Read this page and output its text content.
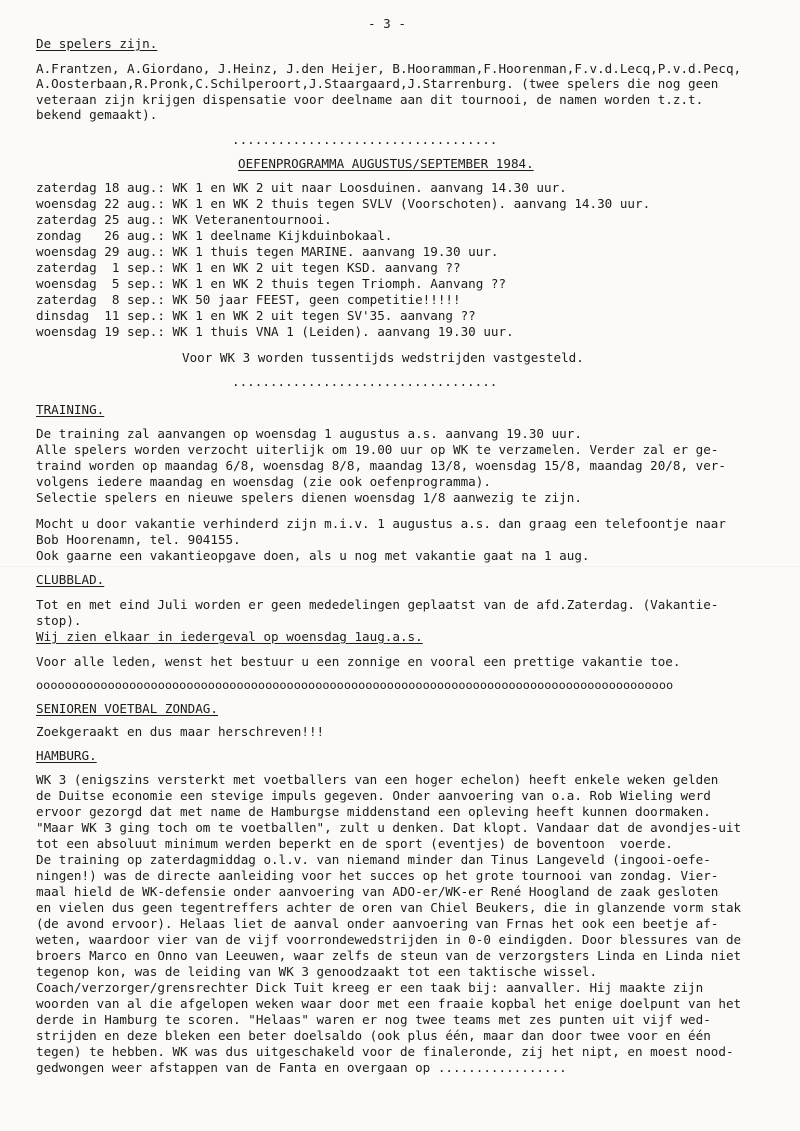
- 3 -

De spelers zijn.

A.Frantzen, A.Giordano, J.Heinz, J.den Heijer, B.Hooramman,F.Hoorenman,F.v.d.Lecq,P.v.d.Pecq,

A.Oosterbaan,R.Pronk,C.Schilperoort,J.Staargaard,J.Starrenburg. (twee spelers die nog geen

veteraan zijn krijgen dispensatie voor deelname aan dit tournooi, de namen worden t.z.t.

bekend gemaakt).

...................................

OEFENPROGRAMMA AUGUSTUS/SEPTEMBER 1984.

zaterdag 18 aug.: WK 1 en WK 2 uit naar Loosduinen. aanvang 14.30 uur.

woensdag 22 aug.: WK 1 en WK 2 thuis tegen SVLV (Voorschoten). aanvang 14.30 uur.

zaterdag 25 aug.: WK Veteranentournooi.

zondag   26 aug.: WK 1 deelname Kijkduinbokaal.

woensdag 29 aug.: WK 1 thuis tegen MARINE. aanvang 19.30 uur.

zaterdag  1 sep.: WK 1 en WK 2 uit tegen KSD. aanvang ??

woensdag  5 sep.: WK 1 en WK 2 thuis tegen Triomph. Aanvang ??

zaterdag  8 sep.: WK 50 jaar FEEST, geen competitie!!!!!

dinsdag  11 sep.: WK 1 en WK 2 uit tegen SV'35. aanvang ??

woensdag 19 sep.: WK 1 thuis VNA 1 (Leiden). aanvang 19.30 uur.

Voor WK 3 worden tussentijds wedstrijden vastgesteld.

...................................

TRAINING.

De training zal aanvangen op woensdag 1 augustus a.s. aanvang 19.30 uur.

Alle spelers worden verzocht uiterlijk om 19.00 uur op WK te verzamelen. Verder zal er ge-

traind worden op maandag 6/8, woensdag 8/8, maandag 13/8, woensdag 15/8, maandag 20/8, ver-

volgens iedere maandag en woensdag (zie ook oefenprogramma).

Selectie spelers en nieuwe spelers dienen woensdag 1/8 aanwezig te zijn.

Mocht u door vakantie verhinderd zijn m.i.v. 1 augustus a.s. dan graag een telefoontje naar

Bob Hoorenamn, tel. 904155.

Ook gaarne een vakantieopgave doen, als u nog met vakantie gaat na 1 aug.

CLUBBLAD.

Tot en met eind Juli worden er geen mededelingen geplaatst van de afd.Zaterdag. (Vakantie-

stop).

Wij zien elkaar in iedergeval op woensdag 1aug.a.s.

Voor alle leden, wenst het bestuur u een zonnige en vooral een prettige vakantie toe.

ooooooooooooooooooooooooooooooooooooooooooooooooooooooooooooooooooooooooooooooooooooooooo

SENIOREN VOETBAL ZONDAG.

Zoekgeraakt en dus maar herschreven!!!

HAMBURG.

WK 3 (enigszins versterkt met voetballers van een hoger echelon) heeft enkele weken gelden

de Duitse economie een stevige impuls gegeven. Onder aanvoering van o.a. Rob Wieling werd

ervoor gezorgd dat met name de Hamburgse middenstand een opleving heeft kunnen doormaken.

"Maar WK 3 ging toch om te voetballen", zult u denken. Dat klopt. Vandaar dat de avondjes-uit

tot een absoluut minimum werden beperkt en de sport (eventjes) de boventoon  voerde.

De training op zaterdagmiddag o.l.v. van niemand minder dan Tinus Langeveld (ingooi-oefe-

ningen!) was de directe aanleiding voor het succes op het grote tournooi van zondag. Vier-

maal hield de WK-defensie onder aanvoering van ADO-er/WK-er René Hoogland de zaak gesloten

en vielen dus geen tegentreffers achter de oren van Chiel Beukers, die in glanzende vorm stak

(de avond ervoor). Helaas liet de aanval onder aanvoering van Frnas het ook een beetje af-

weten, waardoor vier van de vijf voorrondewedstrijden in 0-0 eindigden. Door blessures van de

broers Marco en Onno van Leeuwen, waar zelfs de steun van de verzorgsters Linda en Linda niet

tegenop kon, was de leiding van WK 3 genoodzaakt tot een taktische wissel.

Coach/verzorger/grensrechter Dick Tuit kreeg er een taak bij: aanvaller. Hij maakte zijn

woorden van al die afgelopen weken waar door met een fraaie kopbal het enige doelpunt van het

derde in Hamburg te scoren. "Helaas" waren er nog twee teams met zes punten uit vijf wed-

strijden en deze bleken een beter doelsaldo (ook plus één, maar dan door twee voor en één

tegen) te hebben. WK was dus uitgeschakeld voor de finaleronde, zij het nipt, en moest nood-

gedwongen weer afstappen van de Fanta en overgaan op .................
